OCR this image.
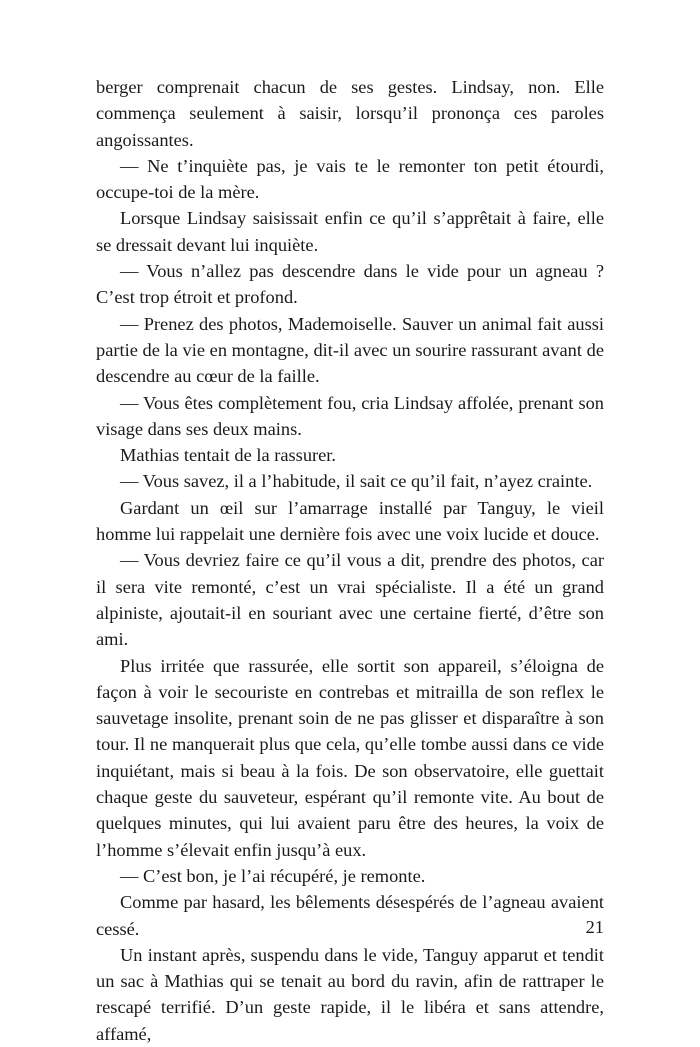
berger comprenait chacun de ses gestes. Lindsay, non. Elle commença seulement à saisir, lorsqu’il prononça ces paroles angoissantes.

— Ne t’inquiète pas, je vais te le remonter ton petit étourdi, occupe-toi de la mère.

Lorsque Lindsay saisissait enfin ce qu’il s’apprêtait à faire, elle se dressait devant lui inquiète.

— Vous n’allez pas descendre dans le vide pour un agneau ? C’est trop étroit et profond.

— Prenez des photos, Mademoiselle. Sauver un animal fait aussi partie de la vie en montagne, dit-il avec un sourire rassurant avant de descendre au cœur de la faille.

— Vous êtes complètement fou, cria Lindsay affolée, prenant son visage dans ses deux mains.

Mathias tentait de la rassurer.

— Vous savez, il a l’habitude, il sait ce qu’il fait, n’ayez crainte.

Gardant un œil sur l’amarrage installé par Tanguy, le vieil homme lui rappelait une dernière fois avec une voix lucide et douce.

— Vous devriez faire ce qu’il vous a dit, prendre des photos, car il sera vite remonté, c’est un vrai spécialiste. Il a été un grand alpiniste, ajoutait-il en souriant avec une certaine fierté, d’être son ami.

Plus irritée que rassurée, elle sortit son appareil, s’éloigna de façon à voir le secouriste en contrebas et mitrailla de son reflex le sauvetage insolite, prenant soin de ne pas glisser et disparaître à son tour. Il ne manquerait plus que cela, qu’elle tombe aussi dans ce vide inquiétant, mais si beau à la fois. De son observatoire, elle guettait chaque geste du sauveteur, espérant qu’il remonte vite. Au bout de quelques minutes, qui lui avaient paru être des heures, la voix de l’homme s’élevait enfin jusqu’à eux.

— C’est bon, je l’ai récupéré, je remonte.

Comme par hasard, les bêlements désespérés de l’agneau avaient cessé.

Un instant après, suspendu dans le vide, Tanguy apparut et tendit un sac à Mathias qui se tenait au bord du ravin, afin de rattraper le rescapé terrifié. D’un geste rapide, il le libéra et sans attendre, affamé,

21
